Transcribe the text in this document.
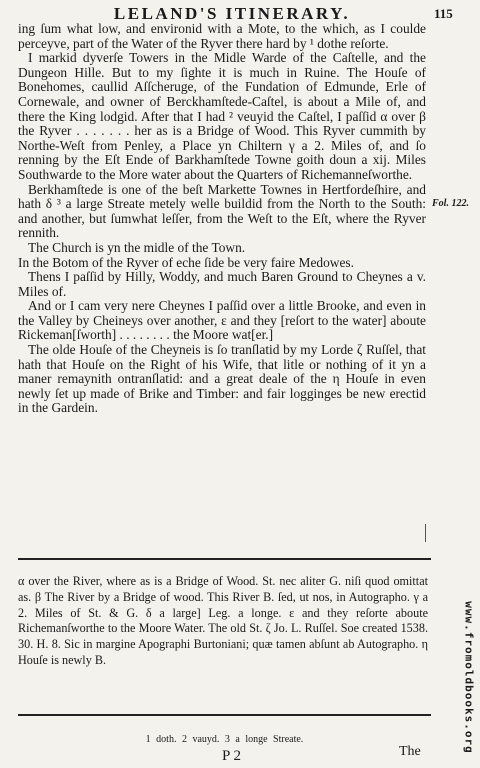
LELAND'S ITINERARY.	115

ing ſum what low, and environid with a Mote, to the which, as I coulde perceyve, part of the Water of the Ryver there hard by ¹ dothe reſorte.

I markid dyverſe Towers in the Midle Warde of the Caſtelle, and the Dungeon Hille. But to my ſighte it is much in Ruine. The Houſe of Bonehomes, caullid Aſſcheruge, of the Fundation of Edmunde, Erle of Cornewale, and owner of Berckhamſtede-Caſtel, is about a Mile of, and there the King lodgid. After that I had ² veuyid the Caſtel, I paſſid α over β the Ryver . . . . . . . her as is a Bridge of Wood. This Ryver cummith by Northe-Weſt from Penley, a Place yn Chiltern γ a 2. Miles of, and ſo renning by the Eſt Ende of Barkhamſtede Towne goith doun a xij. Miles Southwarde to the More water about the Quarters of Richemanneſworthe.

Berkhamſtede is one of the beſt Markette Townes in Hertfordeſhire, and hath δ ³ a large Streate metely welle buildid from the North to the South: and another, but ſumwhat leſſer, from the Weſt to the Eſt, where the Ryver rennith.

The Church is yn the midle of the Town.

In the Botom of the Ryver of eche ſide be very faire Medowes.

Thens I paſſid by Hilly, Woddy, and much Baren Ground to Cheynes a v. Miles of.

And or I cam very nere Cheynes I paſſid over a little Brooke, and even in the Valley by Cheineys over another, ε and they [reſort to the water] aboute Rickeman[ſworth] . . . . . . . . the Moore wat[er.]

The olde Houſe of the Cheyneis is ſo tranſlatid by my Lorde ζ Ruſſel, that hath that Houſe on the Right of his Wife, that litle or nothing of it yn a maner remaynith ontranſlatid: and a great deale of the η Houſe in even newly ſet up made of Brike and Timber: and fair logginges be new erectid in the Gardein.

Fol. 122.

α over the River, where as is a Bridge of Wood. St. nec aliter G. niſi quod omittat as. β The River by a Bridge of wood. This River B. ſed, ut nos, in Autographo. γ a 2. Miles of St. & G. δ a large] Leg. a longe. ε and they reſorte aboute Richemanſworthe to the Moore Water. The old St. ζ Jo. L. Ruſſel. Soe created 1538. 30. H. 8. Sic in margine Apographi Burtoniani; quæ tamen abſunt ab Autographo. η Houſe is newly B.

1 doth. 2 vauyd. 3 a longe Streate.
P 2	The	www.fromoldbooks.org
